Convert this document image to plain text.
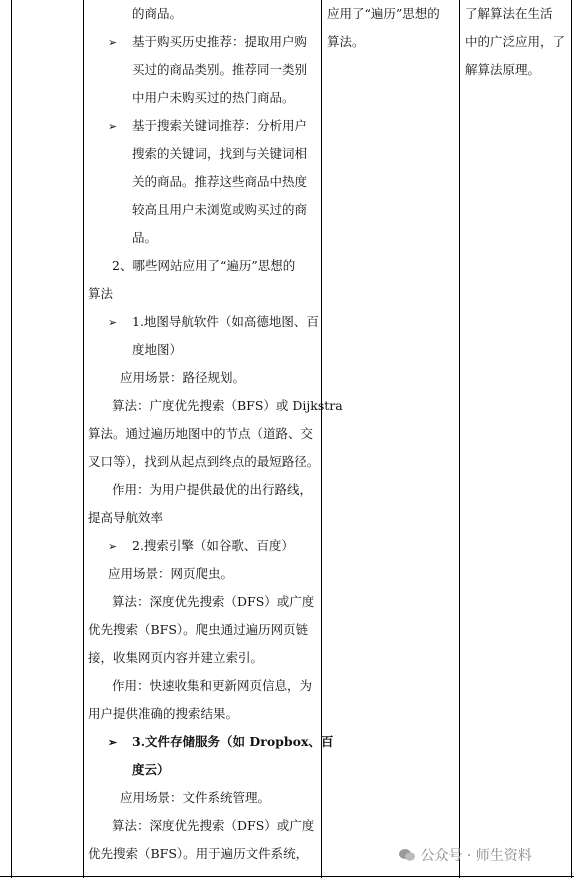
的商品。
➢ 基于购买历史推荐：提取用户购
买过的商品类别。推荐同一类别
中用户未购买过的热门商品。
➢ 基于搜索关键词推荐：分析用户
搜索的关键词，找到与关键词相
关的商品。推荐这些商品中热度
较高且用户未浏览或购买过的商
品。
2、哪些网站应用了“遍历”思想的
算法
➢ 1.地图导航软件（如高德地图、百
度地图）
应用场景：路径规划。
算法：广度优先搜索（BFS）或 Dijkstra
算法。通过遍历地图中的节点（道路、交
叉口等），找到从起点到终点的最短路径。
作用：为用户提供最优的出行路线，
提高导航效率
➢ 2.搜索引擎（如谷歌、百度）
应用场景：网页爬虫。
算法：深度优先搜索（DFS）或广度
优先搜索（BFS）。爬虫通过遍历网页链
接，收集网页内容并建立索引。
作用：快速收集和更新网页信息，为
用户提供准确的搜索结果。
➢ 3.文件存储服务（如 Dropbox、百
度云）
应用场景：文件系统管理。
算法：深度优先搜索（DFS）或广度
优先搜索（BFS）。用于遍历文件系统，
应用了“遍历”思想的
算法。
了解算法在生活
中的广泛应用，了
解算法原理。
公众号 · 师生资料
